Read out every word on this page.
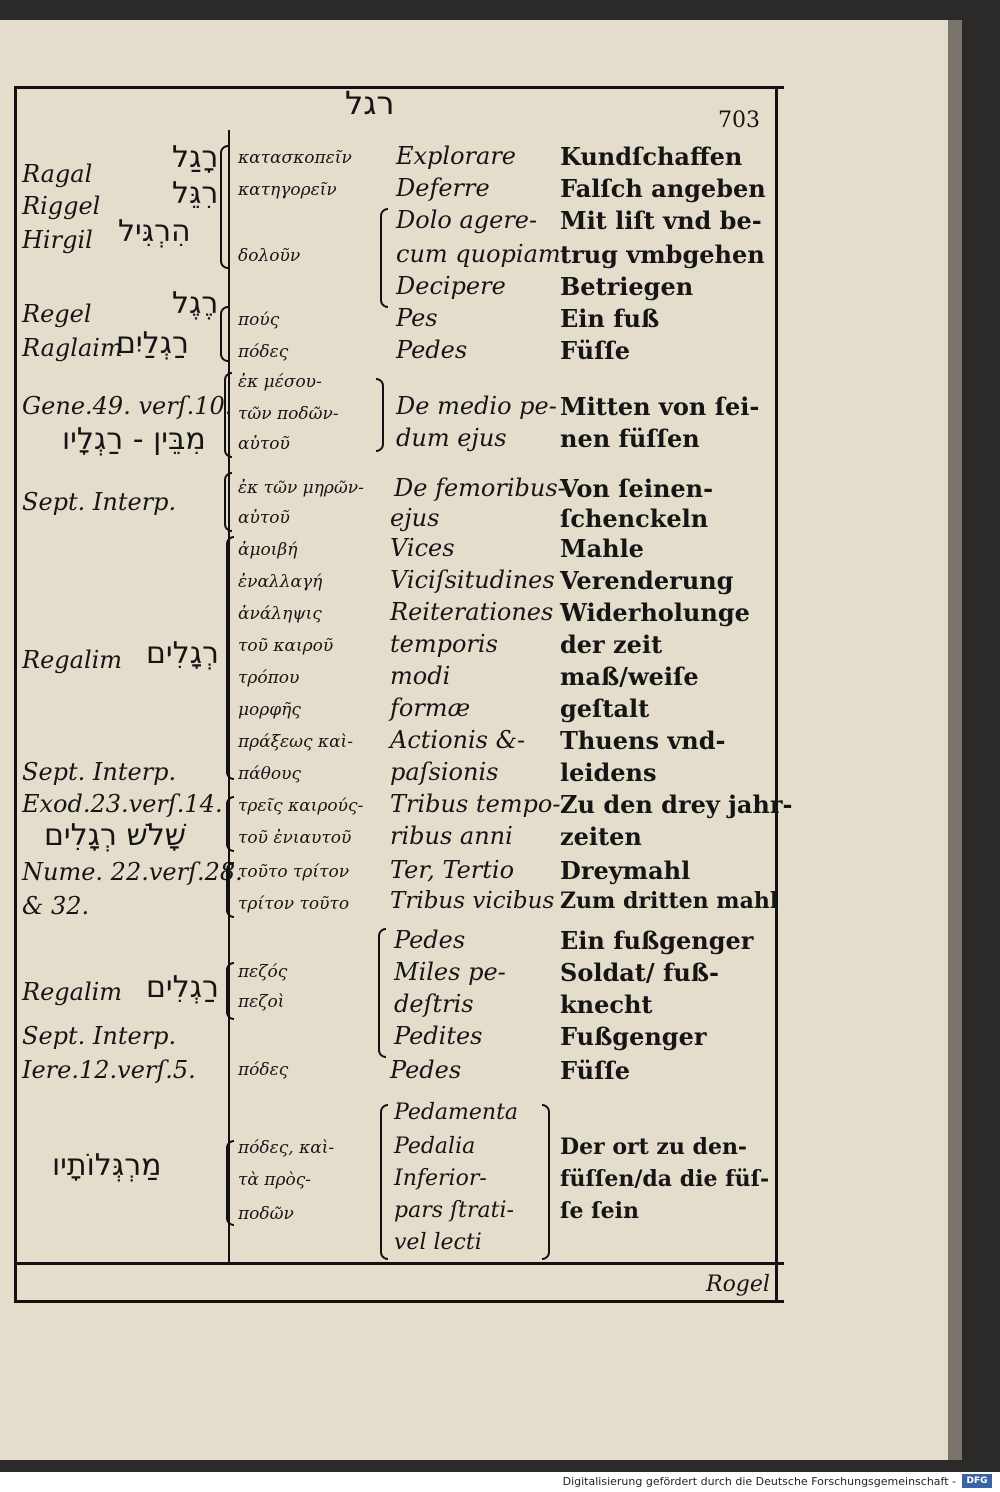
רגל	703
Ragal
Riggel
Hirgil
רָגַל
רִגֵּל
הִרְגִּיל
Regel
Raglaim
רֶגֶל
רַגְלַיִם
Gene.49. verſ.10.
מִבֵּין - רַגְלָיו
Sept. Interp.
Regalim רְגָלִים
Sept. Interp.
Exod.23.verſ.14.
שָׁלֹשׁ רְגָלִים
Nume. 22.verſ.28.
& 32.
Regalim רַגְלִים
Sept. Interp.
Iere.12.verſ.5.
מַרְגְּלוֹתָיו
κατασκοπεῖν
κατηγορεῖν
δολοῦν
πούς
πόδες
ἐκ μέσου-
τῶν ποδῶν-
αὐτοῦ
ἐκ τῶν μηρῶν-
αὐτοῦ
ἀμοιβή
ἐναλλαγή
ἀνάληψις
τοῦ καιροῦ
τρόπου
μορφῆς
πράξεως καὶ-
πάθους
τρεῖς καιρούς-
τοῦ ἐνιαυτοῦ
τοῦτο τρίτον
τρίτον τοῦτο
πεζός
πεζοὶ
πόδες
πόδες, καὶ-
τὰ πρὸς-
ποδῶν
Explorare
Deferre
Dolo agere-
cum quopiam
Decipere
Pes
Pedes
De medio pe-
dum ejus
De femoribus-
ejus
Vices
Viciſsitudines
Reiterationes
temporis
modi
formæ
Actionis &-
paſsionis
Tribus tempo-
ribus anni
Ter, Tertio
Tribus vicibus
Pedes
Miles pe-
deſtris
Pedites
Pedes
Pedamenta
Pedalia
Inferior-
pars ſtrati-
vel lecti
Kundſchaffen
Falſch angeben
Mit liſt vnd be-
trug vmbgehen
Betriegen
Ein fuß
Füſſe
Mitten von ſei-
nen füſſen
Von ſeinen-
ſchenckeln
Mahle
Verenderung
Widerholunge
der zeit
maß/weiſe
geſtalt
Thuens vnd-
leidens
Zu den drey jahr-
zeiten
Dreymahl
Zum dritten mahl
Ein fußgenger
Soldat/ fuß-
knecht
Fußgenger
Füſſe
Der ort zu den-
füſſen/da die füſ-
ſe ſein
Rogel
Digitalisierung gefördert durch die Deutsche Forschungsgemeinschaft -	DFG
